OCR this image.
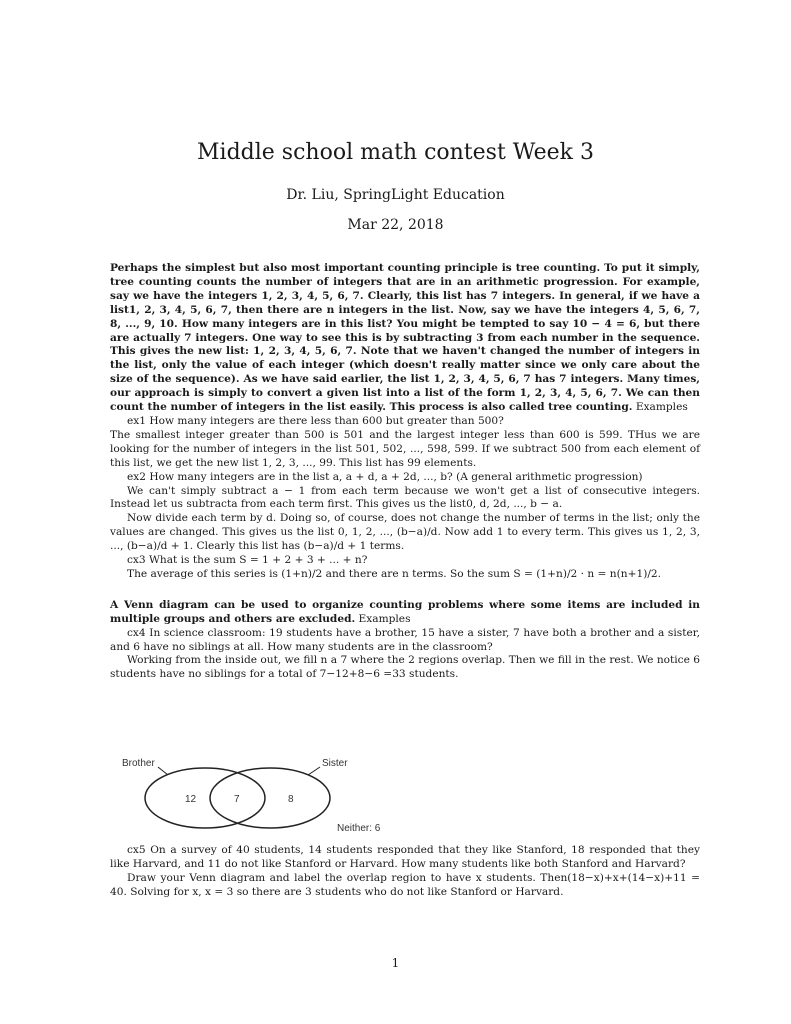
Middle school math contest Week 3
Dr. Liu, SpringLight Education
Mar 22, 2018

Perhaps the simplest but also most important counting principle is tree counting. To put it simply, tree counting counts the number of integers that are in an arithmetic progression. For example, say we have the integers 1, 2, 3, 4, 5, 6, 7. Clearly, this list has 7 integers. In general, if we have a list1, 2, 3, 4, 5, 6, 7, then there are n integers in the list. Now, say we have the integers 4, 5, 6, 7, 8, ..., 9, 10. How many integers are in this list? You might be tempted to say 10 − 4 = 6, but there are actually 7 integers. One way to see this is by subtracting 3 from each number in the sequence. This gives the new list: 1, 2, 3, 4, 5, 6, 7. Note that we haven't changed the number of integers in the list, only the value of each integer (which doesn't really matter since we only care about the size of the sequence). As we have said earlier, the list 1, 2, 3, 4, 5, 6, 7 has 7 integers. Many times, our approach is simply to convert a given list into a list of the form 1, 2, 3, 4, 5, 6, 7. We can then count the number of integers in the list easily. This process is also called tree counting. Examples

ex1 How many integers are there less than 600 but greater than 500?

The smallest integer greater than 500 is 501 and the largest integer less than 600 is 599. THus we are looking for the number of integers in the list 501, 502, ..., 598, 599. If we subtract 500 from each element of this list, we get the new list 1, 2, 3, ..., 99. This list has 99 elements.

ex2 How many integers are in the list a, a + d, a + 2d, ..., b? (A general arithmetic progression)

We can't simply subtract a − 1 from each term because we won't get a list of consecutive integers. Instead let us subtracta from each term first. This gives us the list0, d, 2d, ..., b − a.

Now divide each term by d. Doing so, of course, does not change the number of terms in the list; only the values are changed. This gives us the list 0, 1, 2, ..., (b−a)/d. Now add 1 to every term. This gives us 1, 2, 3, ..., (b−a)/d + 1. Clearly this list has (b−a)/d + 1 terms.

cx3 What is the sum S = 1 + 2 + 3 + ... + n?

The average of this series is (1+n)/2 and there are n terms. So the sum S = (1+n)/2 · n = n(n+1)/2.

A Venn diagram can be used to organize counting problems where some items are included in multiple groups and others are excluded. Examples

cx4 In science classroom: 19 students have a brother, 15 have a sister, 7 have both a brother and a sister, and 6 have no siblings at all. How many students are in the classroom?

Working from the inside out, we fill n a 7 where the 2 regions overlap. Then we fill in the rest. We notice 6 students have no siblings for a total of 7−12+8−6 =33 students.

Brother	Sister
12	7	8
Neither: 6

cx5 On a survey of 40 students, 14 students responded that they like Stanford, 18 responded that they like Harvard, and 11 do not like Stanford or Harvard. How many students like both Stanford and Harvard?

Draw your Venn diagram and label the overlap region to have x students. Then(18−x)+x+(14−x)+11 = 40. Solving for x, x = 3 so there are 3 students who do not like Stanford or Harvard.

1
